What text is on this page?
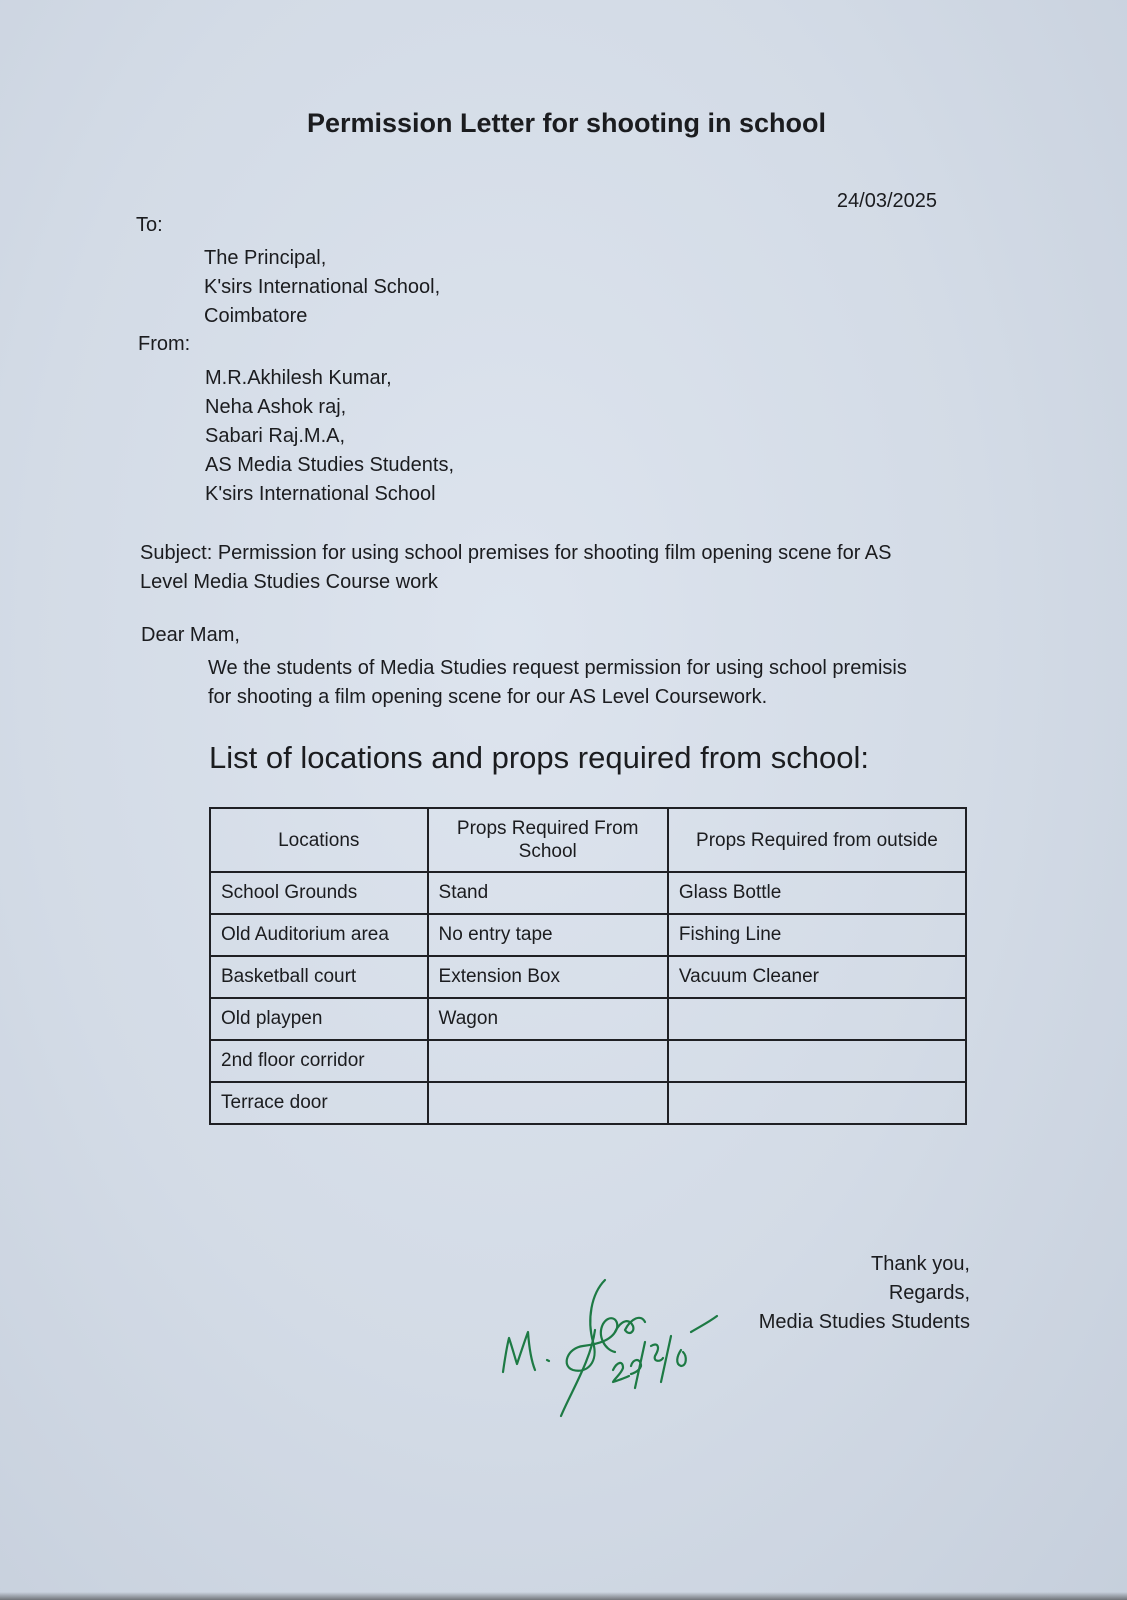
Permission Letter for shooting in school
24/03/2025
To:
The Principal,
K'sirs International School,
Coimbatore
From:
M.R.Akhilesh Kumar,
Neha Ashok raj,
Sabari Raj.M.A,
AS Media Studies Students,
K'sirs International School
Subject: Permission for using school premises for shooting film opening scene for AS Level Media Studies Course work
Dear Mam,
We the students of Media Studies request permission for using school premisis for shooting a film opening scene for our AS Level Coursework.
List of locations and props required from school:
Locations	Props Required From School	Props Required from outside
School Grounds	Stand	Glass Bottle
Old Auditorium area	No entry tape	Fishing Line
Basketball court	Extension Box	Vacuum Cleaner
Old playpen	Wagon	
2nd floor corridor		
Terrace door		
Thank you,
Regards,
Media Studies Students
